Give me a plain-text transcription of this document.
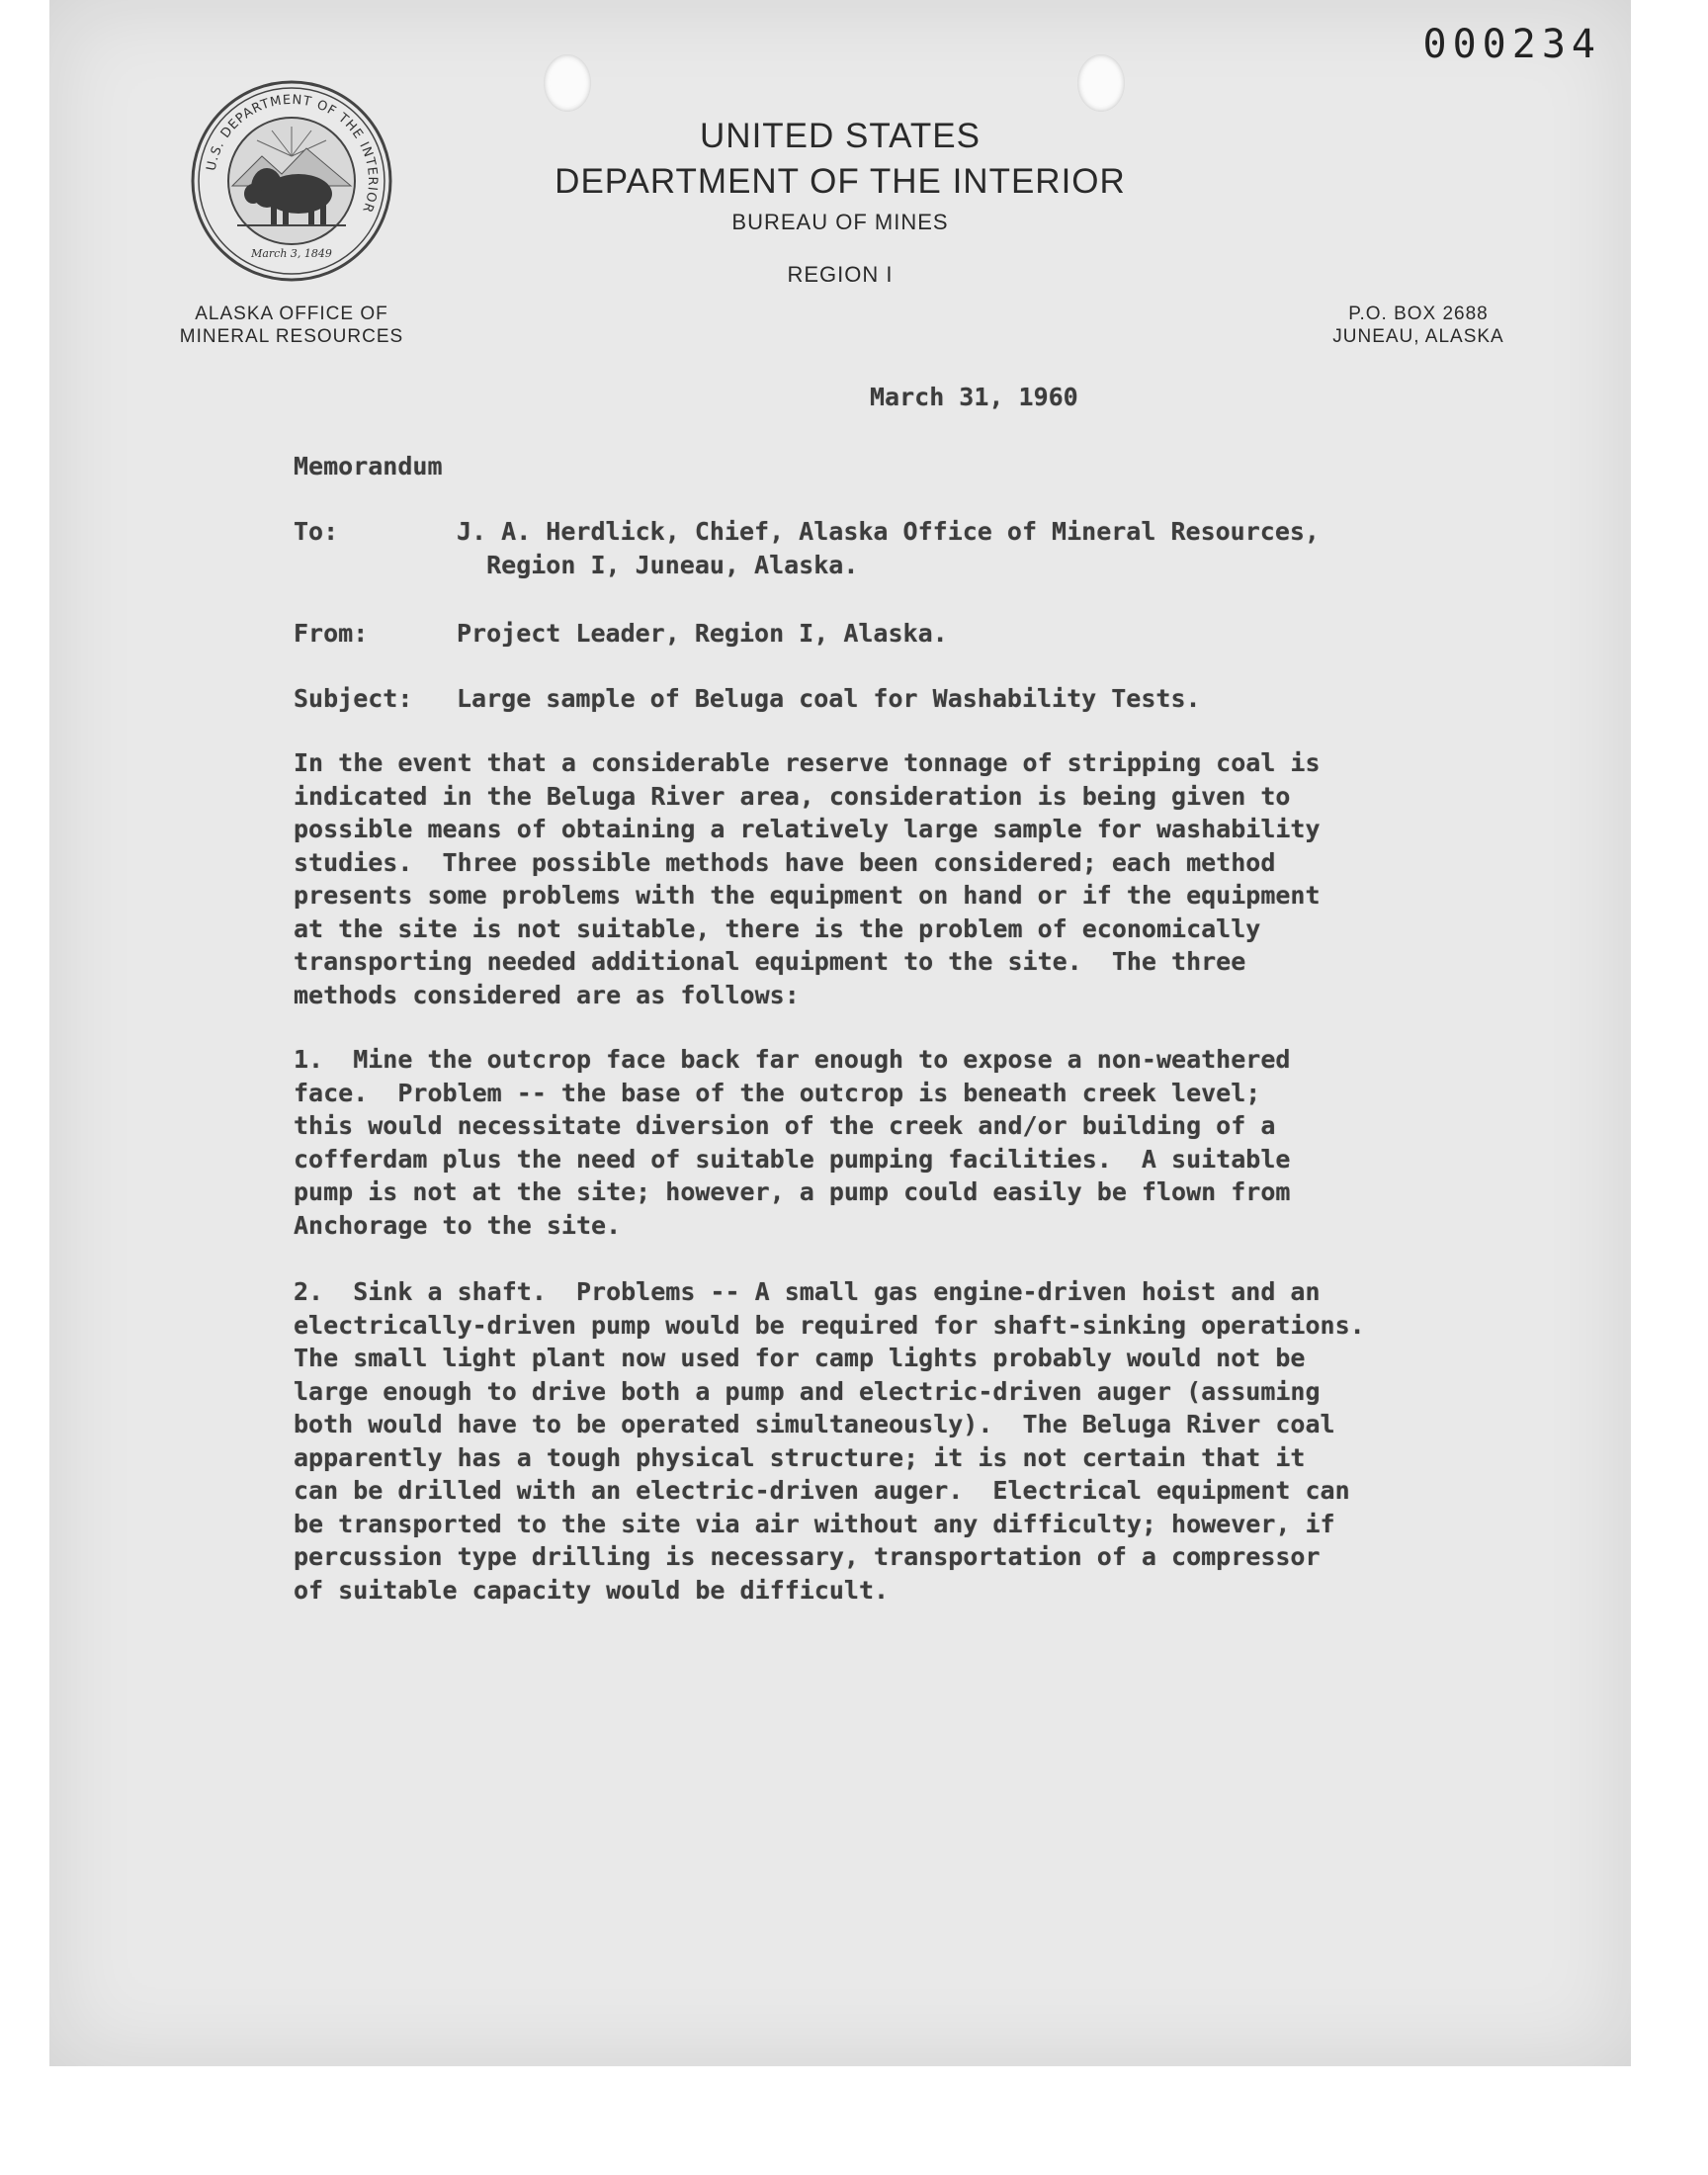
000234
U.S. DEPARTMENT OF THE INTERIOR
March 3, 1849
UNITED STATES
DEPARTMENT OF THE INTERIOR
BUREAU OF MINES
REGION I
ALASKA OFFICE OF
MINERAL RESOURCES
P.O. BOX 2688
JUNEAU, ALASKA
March 31, 1960
Memorandum

To:

	J. A. Herdlick, Chief, Alaska Office of Mineral Resources,
Region I, Juneau, Alaska.

From:

	Project Leader, Region I, Alaska.

Subject:

Large sample of Beluga coal for Washability Tests.

In the event that a considerable reserve tonnage of stripping coal is
indicated in the Beluga River area, consideration is being given to
possible means of obtaining a relatively large sample for washability
studies.  Three possible methods have been considered; each method
presents some problems with the equipment on hand or if the equipment
at the site is not suitable, there is the problem of economically
transporting needed additional equipment to the site.  The three
methods considered are as follows:
1.  Mine the outcrop face back far enough to expose a non-weathered
face.  Problem -- the base of the outcrop is beneath creek level;
this would necessitate diversion of the creek and/or building of a
cofferdam plus the need of suitable pumping facilities.  A suitable
pump is not at the site; however, a pump could easily be flown from
Anchorage to the site.
2.  Sink a shaft.  Problems -- A small gas engine-driven hoist and an
electrically-driven pump would be required for shaft-sinking operations.
The small light plant now used for camp lights probably would not be
large enough to drive both a pump and electric-driven auger (assuming
both would have to be operated simultaneously).  The Beluga River coal
apparently has a tough physical structure; it is not certain that it
can be drilled with an electric-driven auger.  Electrical equipment can
be transported to the site via air without any difficulty; however, if
percussion type drilling is necessary, transportation of a compressor
of suitable capacity would be difficult.
